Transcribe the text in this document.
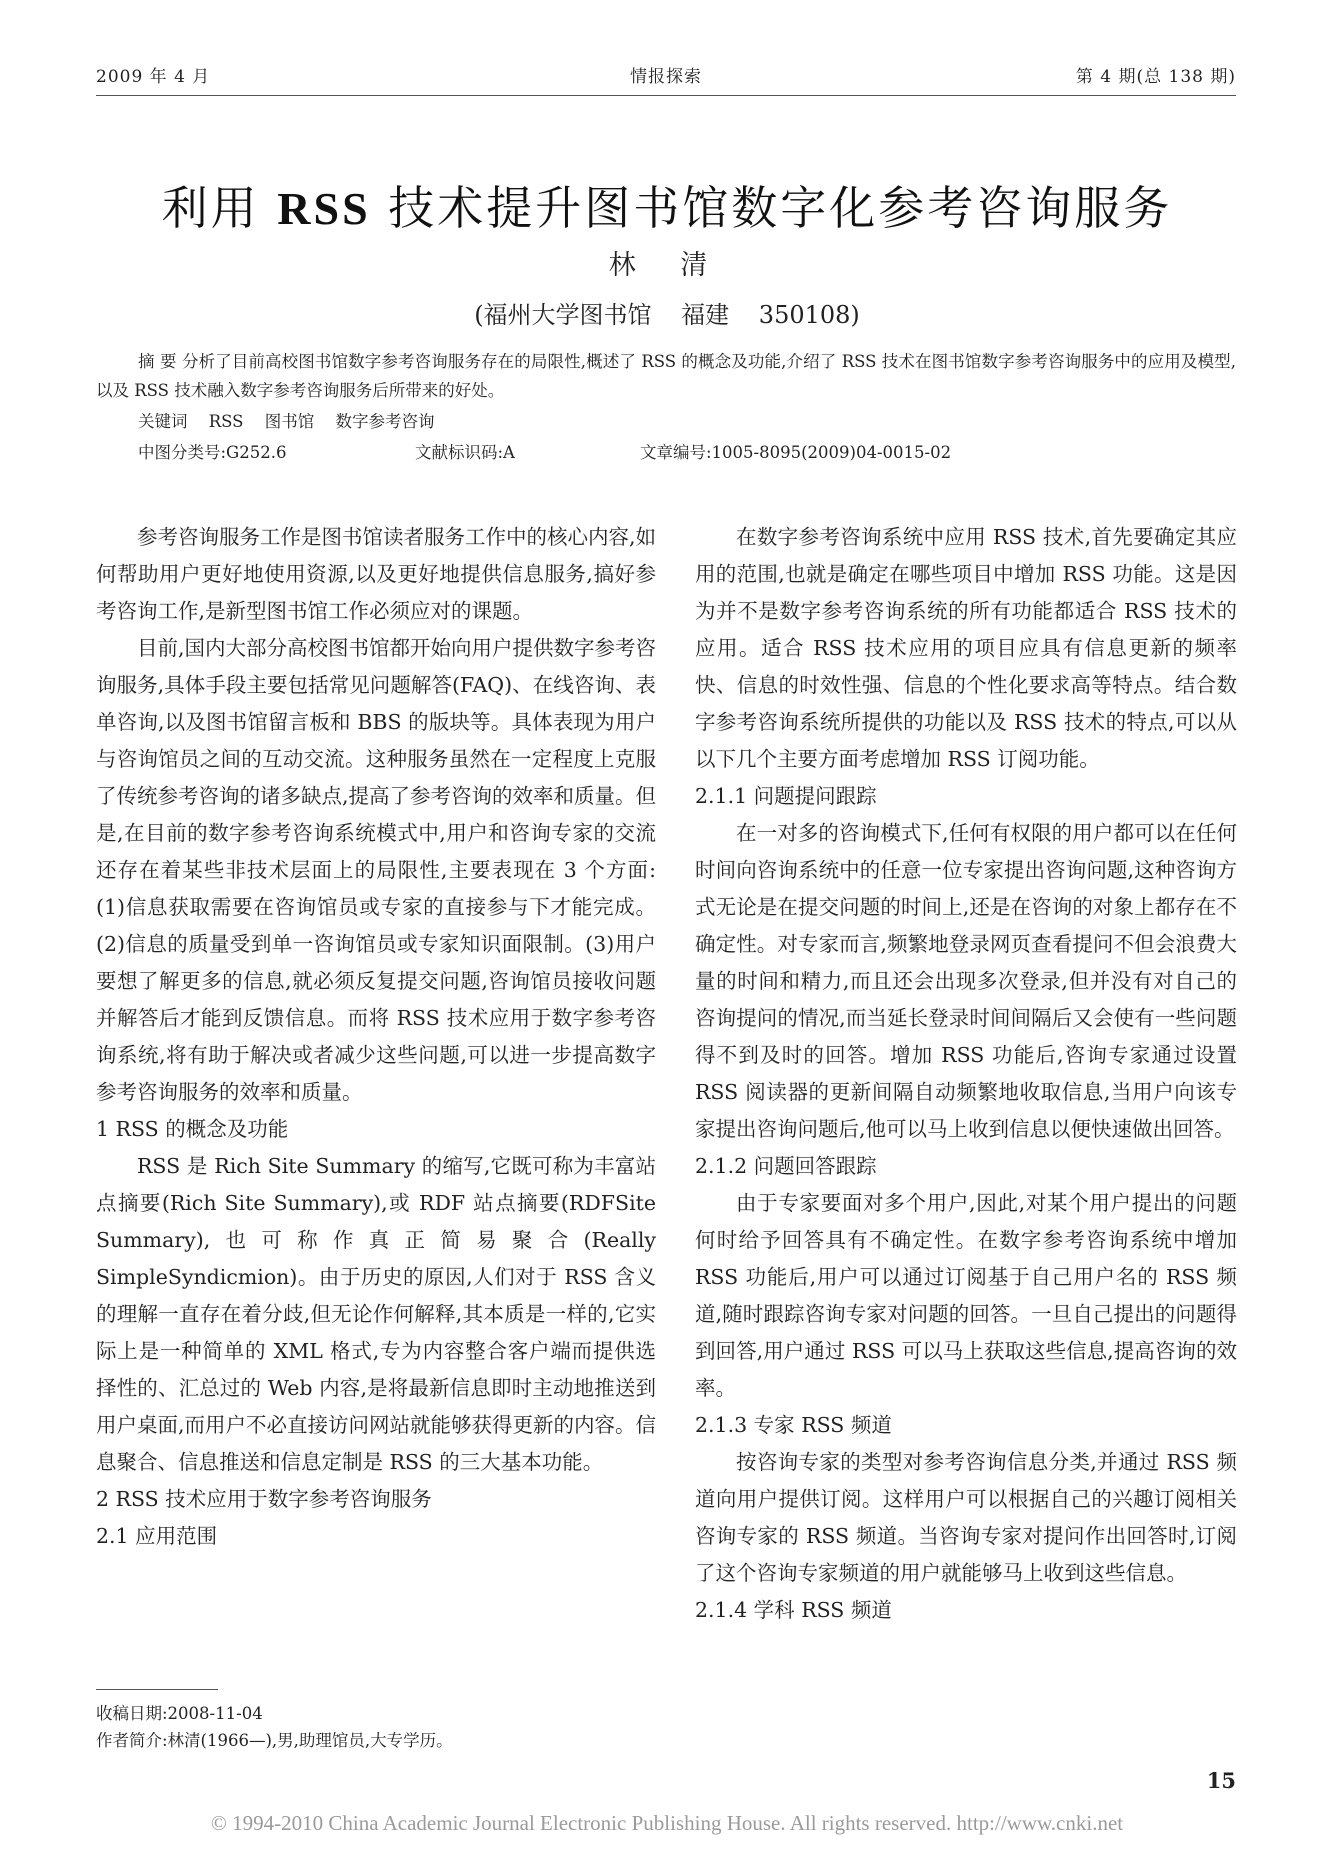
2009 年 4 月	情报探索	第 4 期(总 138 期)
利用 RSS 技术提升图书馆数字化参考咨询服务
林 清
(福州大学图书馆 福建 350108)
摘 要 分析了目前高校图书馆数字参考咨询服务存在的局限性,概述了 RSS 的概念及功能,介绍了 RSS 技术在图书馆数字参考咨询服务中的应用及模型,以及 RSS 技术融入数字参考咨询服务后所带来的好处。
关键词 RSS 图书馆 数字参考咨询
中图分类号:G252.6	文献标识码:A	文章编号:1005-8095(2009)04-0015-02

参考咨询服务工作是图书馆读者服务工作中的核心内容,如何帮助用户更好地使用资源,以及更好地提供信息服务,搞好参考咨询工作,是新型图书馆工作必须应对的课题。

目前,国内大部分高校图书馆都开始向用户提供数字参考咨询服务,具体手段主要包括常见问题解答(FAQ)、在线咨询、表单咨询,以及图书馆留言板和 BBS 的版块等。具体表现为用户与咨询馆员之间的互动交流。这种服务虽然在一定程度上克服了传统参考咨询的诸多缺点,提高了参考咨询的效率和质量。但是,在目前的数字参考咨询系统模式中,用户和咨询专家的交流还存在着某些非技术层面上的局限性,主要表现在 3 个方面:(1)信息获取需要在咨询馆员或专家的直接参与下才能完成。(2)信息的质量受到单一咨询馆员或专家知识面限制。(3)用户要想了解更多的信息,就必须反复提交问题,咨询馆员接收问题并解答后才能到反馈信息。而将 RSS 技术应用于数字参考咨询系统,将有助于解决或者减少这些问题,可以进一步提高数字参考咨询服务的效率和质量。

1 RSS 的概念及功能

RSS 是 Rich Site Summary 的缩写,它既可称为丰富站点摘要(Rich Site Summary),或 RDF 站点摘要(RDFSite Summary),也可称作真正简易聚合(Really SimpleSyndicmion)。由于历史的原因,人们对于 RSS 含义的理解一直存在着分歧,但无论作何解释,其本质是一样的,它实际上是一种简单的 XML 格式,专为内容整合客户端而提供选择性的、汇总过的 Web 内容,是将最新信息即时主动地推送到用户桌面,而用户不必直接访问网站就能够获得更新的内容。信息聚合、信息推送和信息定制是 RSS 的三大基本功能。

2 RSS 技术应用于数字参考咨询服务

2.1 应用范围

在数字参考咨询系统中应用 RSS 技术,首先要确定其应用的范围,也就是确定在哪些项目中增加 RSS 功能。这是因为并不是数字参考咨询系统的所有功能都适合 RSS 技术的应用。适合 RSS 技术应用的项目应具有信息更新的频率快、信息的时效性强、信息的个性化要求高等特点。结合数字参考咨询系统所提供的功能以及 RSS 技术的特点,可以从以下几个主要方面考虑增加 RSS 订阅功能。

2.1.1 问题提问跟踪

在一对多的咨询模式下,任何有权限的用户都可以在任何时间向咨询系统中的任意一位专家提出咨询问题,这种咨询方式无论是在提交问题的时间上,还是在咨询的对象上都存在不确定性。对专家而言,频繁地登录网页查看提问不但会浪费大量的时间和精力,而且还会出现多次登录,但并没有对自己的咨询提问的情况,而当延长登录时间间隔后又会使有一些问题得不到及时的回答。增加 RSS 功能后,咨询专家通过设置 RSS 阅读器的更新间隔自动频繁地收取信息,当用户向该专家提出咨询问题后,他可以马上收到信息以便快速做出回答。

2.1.2 问题回答跟踪

由于专家要面对多个用户,因此,对某个用户提出的问题何时给予回答具有不确定性。在数字参考咨询系统中增加 RSS 功能后,用户可以通过订阅基于自己用户名的 RSS 频道,随时跟踪咨询专家对问题的回答。一旦自己提出的问题得到回答,用户通过 RSS 可以马上获取这些信息,提高咨询的效率。

2.1.3 专家 RSS 频道

按咨询专家的类型对参考咨询信息分类,并通过 RSS 频道向用户提供订阅。这样用户可以根据自己的兴趣订阅相关咨询专家的 RSS 频道。当咨询专家对提问作出回答时,订阅了这个咨询专家频道的用户就能够马上收到这些信息。

2.1.4 学科 RSS 频道

收稿日期:2008-11-04
作者简介:林清(1966—),男,助理馆员,大专学历。
15
© 1994-2010 China Academic Journal Electronic Publishing House. All rights reserved. http://www.cnki.net
